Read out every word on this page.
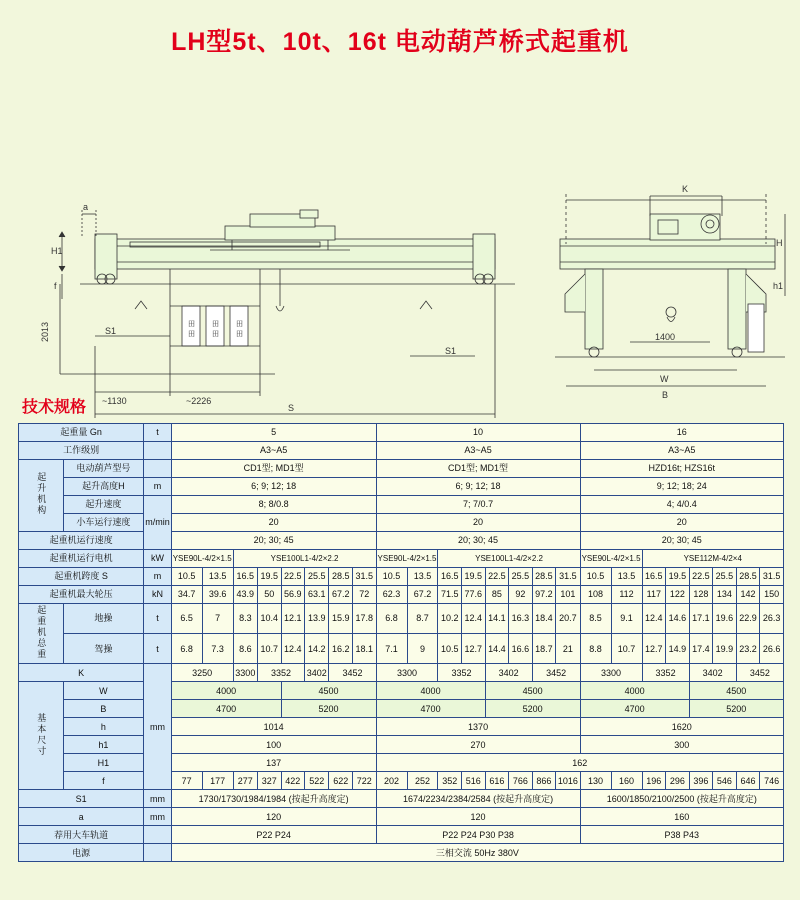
LH型5t、10t、16t 电动葫芦桥式起重机
田 田 田
田 田 田
a
H1
f
2013
~1130	~2226
S1
S1
S
K
H
h1
1400
W
B
技术规格
起重量 Gn		t	5								10								16							
工作级别			A3~A5								A3~A5								A3~A5							
起升机构	电动葫芦型号		CD1型; MD1型								CD1型; MD1型								HZD16t; HZS16t							
	起升高度H	m	6; 9; 12; 18								6; 9; 12; 18								9; 12; 18; 24							
	起升速度	m/min	8; 8/0.8								7; 7/0.7								4; 4/0.4							
	小车运行速度		20								20								20							
起重机运行速度			20; 30; 45								20; 30; 45								20; 30; 45							
起重机运行电机		kW	YSE90L-4/2×1.5		YSE100L1-4/2×2.2						YSE90L-4/2×1.5		YSE100L1-4/2×2.2						YSE90L-4/2×1.5		YSE112M-4/2×4					
起重机跨度 S		m	10.5	13.5	16.5	19.5	22.5	25.5	28.5	31.5	10.5	13.5	16.5	19.5	22.5	25.5	28.5	31.5	10.5	13.5	16.5	19.5	22.5	25.5	28.5	31.5
起重机最大轮压		kN	34.7	39.6	43.9	50	56.9	63.1	67.2	72	62.3	67.2	71.5	77.6	85	92	97.2	101	108	112	117	122	128	134	142	150
起重机总重	地操	t	6.5	7	8.3	10.4	12.1	13.9	15.9	17.8	6.8	8.7	10.2	12.4	14.1	16.3	18.4	20.7	8.5	9.1	12.4	14.6	17.1	19.6	22.9	26.3
	驾操	t	6.8	7.3	8.6	10.7	12.4	14.2	16.2	18.1	7.1	9	10.5	12.7	14.4	16.6	18.7	21	8.8	10.7	12.7	14.9	17.4	19.9	23.2	26.6
K		mm	3250		3300	3352		3402	3452		3300		3352		3402		3452		3300		3352		3402		3452	
基本尺寸	W		4000				4500				4000				4500				4000				4500			
	B		4700				5200				4700				5200				4700				5200			
	h		1014								1370								1620							
	h1		100								270								300							
	H1		137								162															
	f		77	177	277	327	422	522	622	722	202	252	352	516	616	766	866	1016	130	160	196	296	396	546	646	746
S1		mm	1730/1730/1984/1984 (按起升高度定)								1674/2234/2384/2584 (按起升高度定)								1600/1850/2100/2500 (按起升高度定)							
a		mm	120								120								160							
荐用大车轨道			P22 P24								P22 P24 P30 P38								P38 P43							
电源			三相交流 50Hz 380V																							
